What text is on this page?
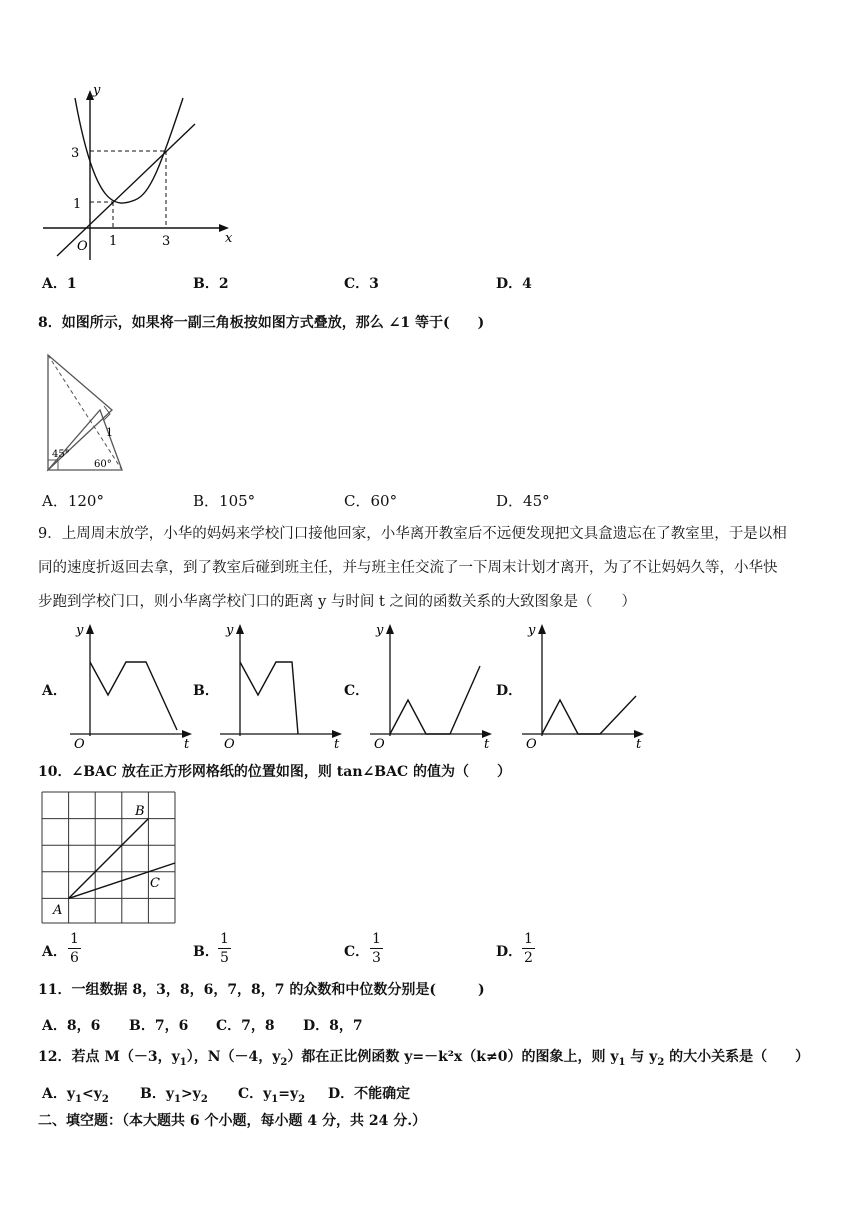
y
x
O
3
1
1	3
A．1	B．2	C．3	D．4
8．如图所示，如果将一副三角板按如图方式叠放，那么 ∠1 等于(　　)
45°
60°
1
A．120°	B．105°	C．60°	D．45°
9．上周周末放学，小华的妈妈来学校门口接他回家，小华离开教室后不远便发现把文具盒遗忘在了教室里，于是以相
同的速度折返回去拿，到了教室后碰到班主任，并与班主任交流了一下周末计划才离开，为了不让妈妈久等，小华快
步跑到学校门口，则小华离学校门口的距离 y 与时间 t 之间的函数关系的大致图象是（　　）
A．
y
t
O
B．
y
t
O
C．
y
t
O
D．
y
t
O
10．∠BAC 放在正方形网格纸的位置如图，则 tan∠BAC 的值为（　　）
A
B
C
A． $\frac{1}{6}$	B． $\frac{1}{5}$	C． $\frac{1}{3}$	D． $\frac{1}{2}$
11．一组数据 8，3，8，6，7，8，7 的众数和中位数分别是(　　　)
A．8，6 B．7，6 C．7，8 D．8，7
12．若点 M（－3，$y_1$），N（－4，$y_2$）都在正比例函数 y=－k²x（k≠0）的图象上，则 $y_1$ 与 $y_2$ 的大小关系是（　　）
A．$y_1<y_2$ B．$y_1>y_2$ C．$y_1=y_2$ D．不能确定
二、填空题：（本大题共 6 个小题，每小题 4 分，共 24 分.）
